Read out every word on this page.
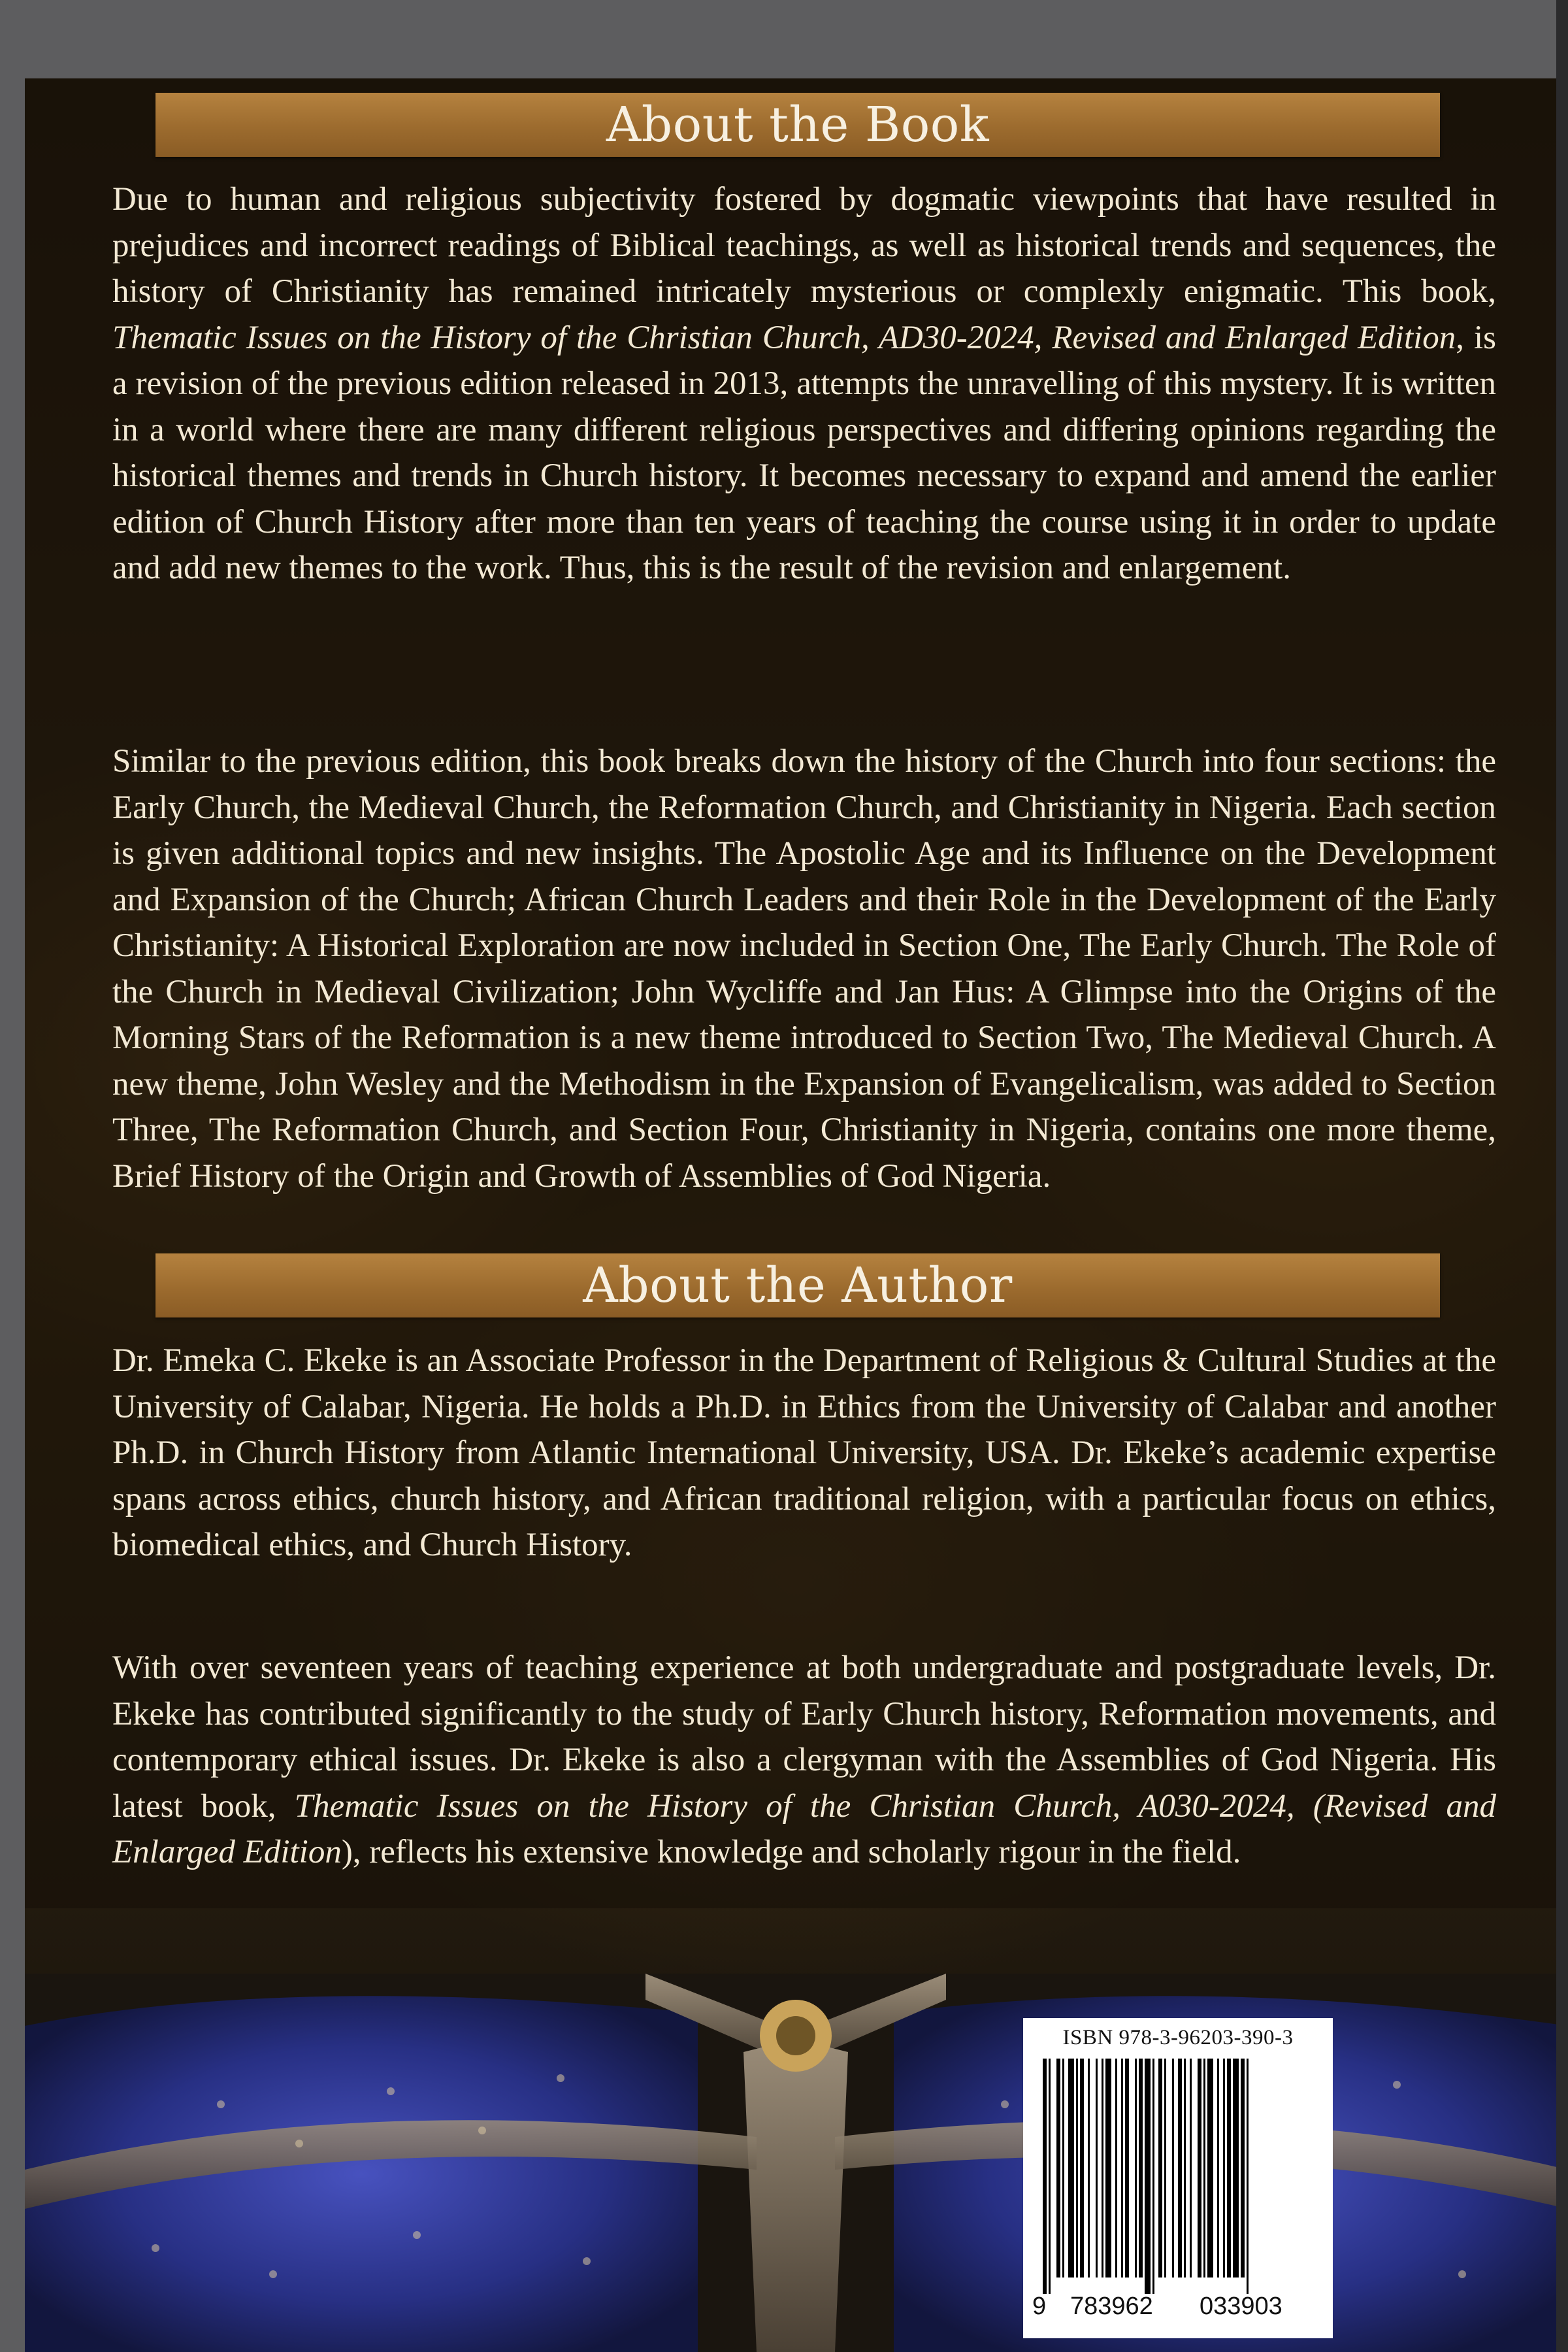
About the Book
Due to human and religious subjectivity fostered by dogmatic viewpoints that have resulted in prejudices and incorrect readings of Biblical teachings, as well as historical trends and sequences, the history of Christianity has remained intricately mysterious or complexly enigmatic. This book, Thematic Issues on the History of the Christian Church, AD30-2024, Revised and Enlarged Edition, is a revision of the previous edition released in 2013, attempts the unravelling of this mystery. It is written in a world where there are many different religious perspectives and differing opinions regarding the historical themes and trends in Church history. It becomes necessary to expand and amend the earlier edition of Church History after more than ten years of teaching the course using it in order to update and add new themes to the work. Thus, this is the result of the revision and enlargement.
Similar to the previous edition, this book breaks down the history of the Church into four sections: the Early Church, the Medieval Church, the Reformation Church, and Christianity in Nigeria. Each section is given additional topics and new insights. The Apostolic Age and its Influence on the Development and Expansion of the Church; African Church Leaders and their Role in the Development of the Early Christianity: A Historical Exploration are now included in Section One, The Early Church. The Role of the Church in Medieval Civilization; John Wycliffe and Jan Hus: A Glimpse into the Origins of the Morning Stars of the Reformation is a new theme introduced to Section Two, The Medieval Church. A new theme, John Wesley and the Methodism in the Expansion of Evangelicalism, was added to Section Three, The Reformation Church, and Section Four, Christianity in Nigeria, contains one more theme, Brief History of the Origin and Growth of Assemblies of God Nigeria.
About the Author
Dr. Emeka C. Ekeke is an Associate Professor in the Department of Religious & Cultural Studies at the University of Calabar, Nigeria. He holds a Ph.D. in Ethics from the University of Calabar and another Ph.D. in Church History from Atlantic International University, USA. Dr. Ekeke’s academic expertise spans across ethics, church history, and African traditional religion, with a particular focus on ethics, biomedical ethics, and Church History.
With over seventeen years of teaching experience at both undergraduate and postgraduate levels, Dr. Ekeke has contributed significantly to the study of Early Church history, Reformation movements, and contemporary ethical issues. Dr. Ekeke is also a clergyman with the Assemblies of God Nigeria. His latest book, Thematic Issues on the History of the Christian Church, A030-2024, (Revised and Enlarged Edition), reflects his extensive knowledge and scholarly rigour in the field.
ISBN 978-3-96203-390-3
9 783962 033903
